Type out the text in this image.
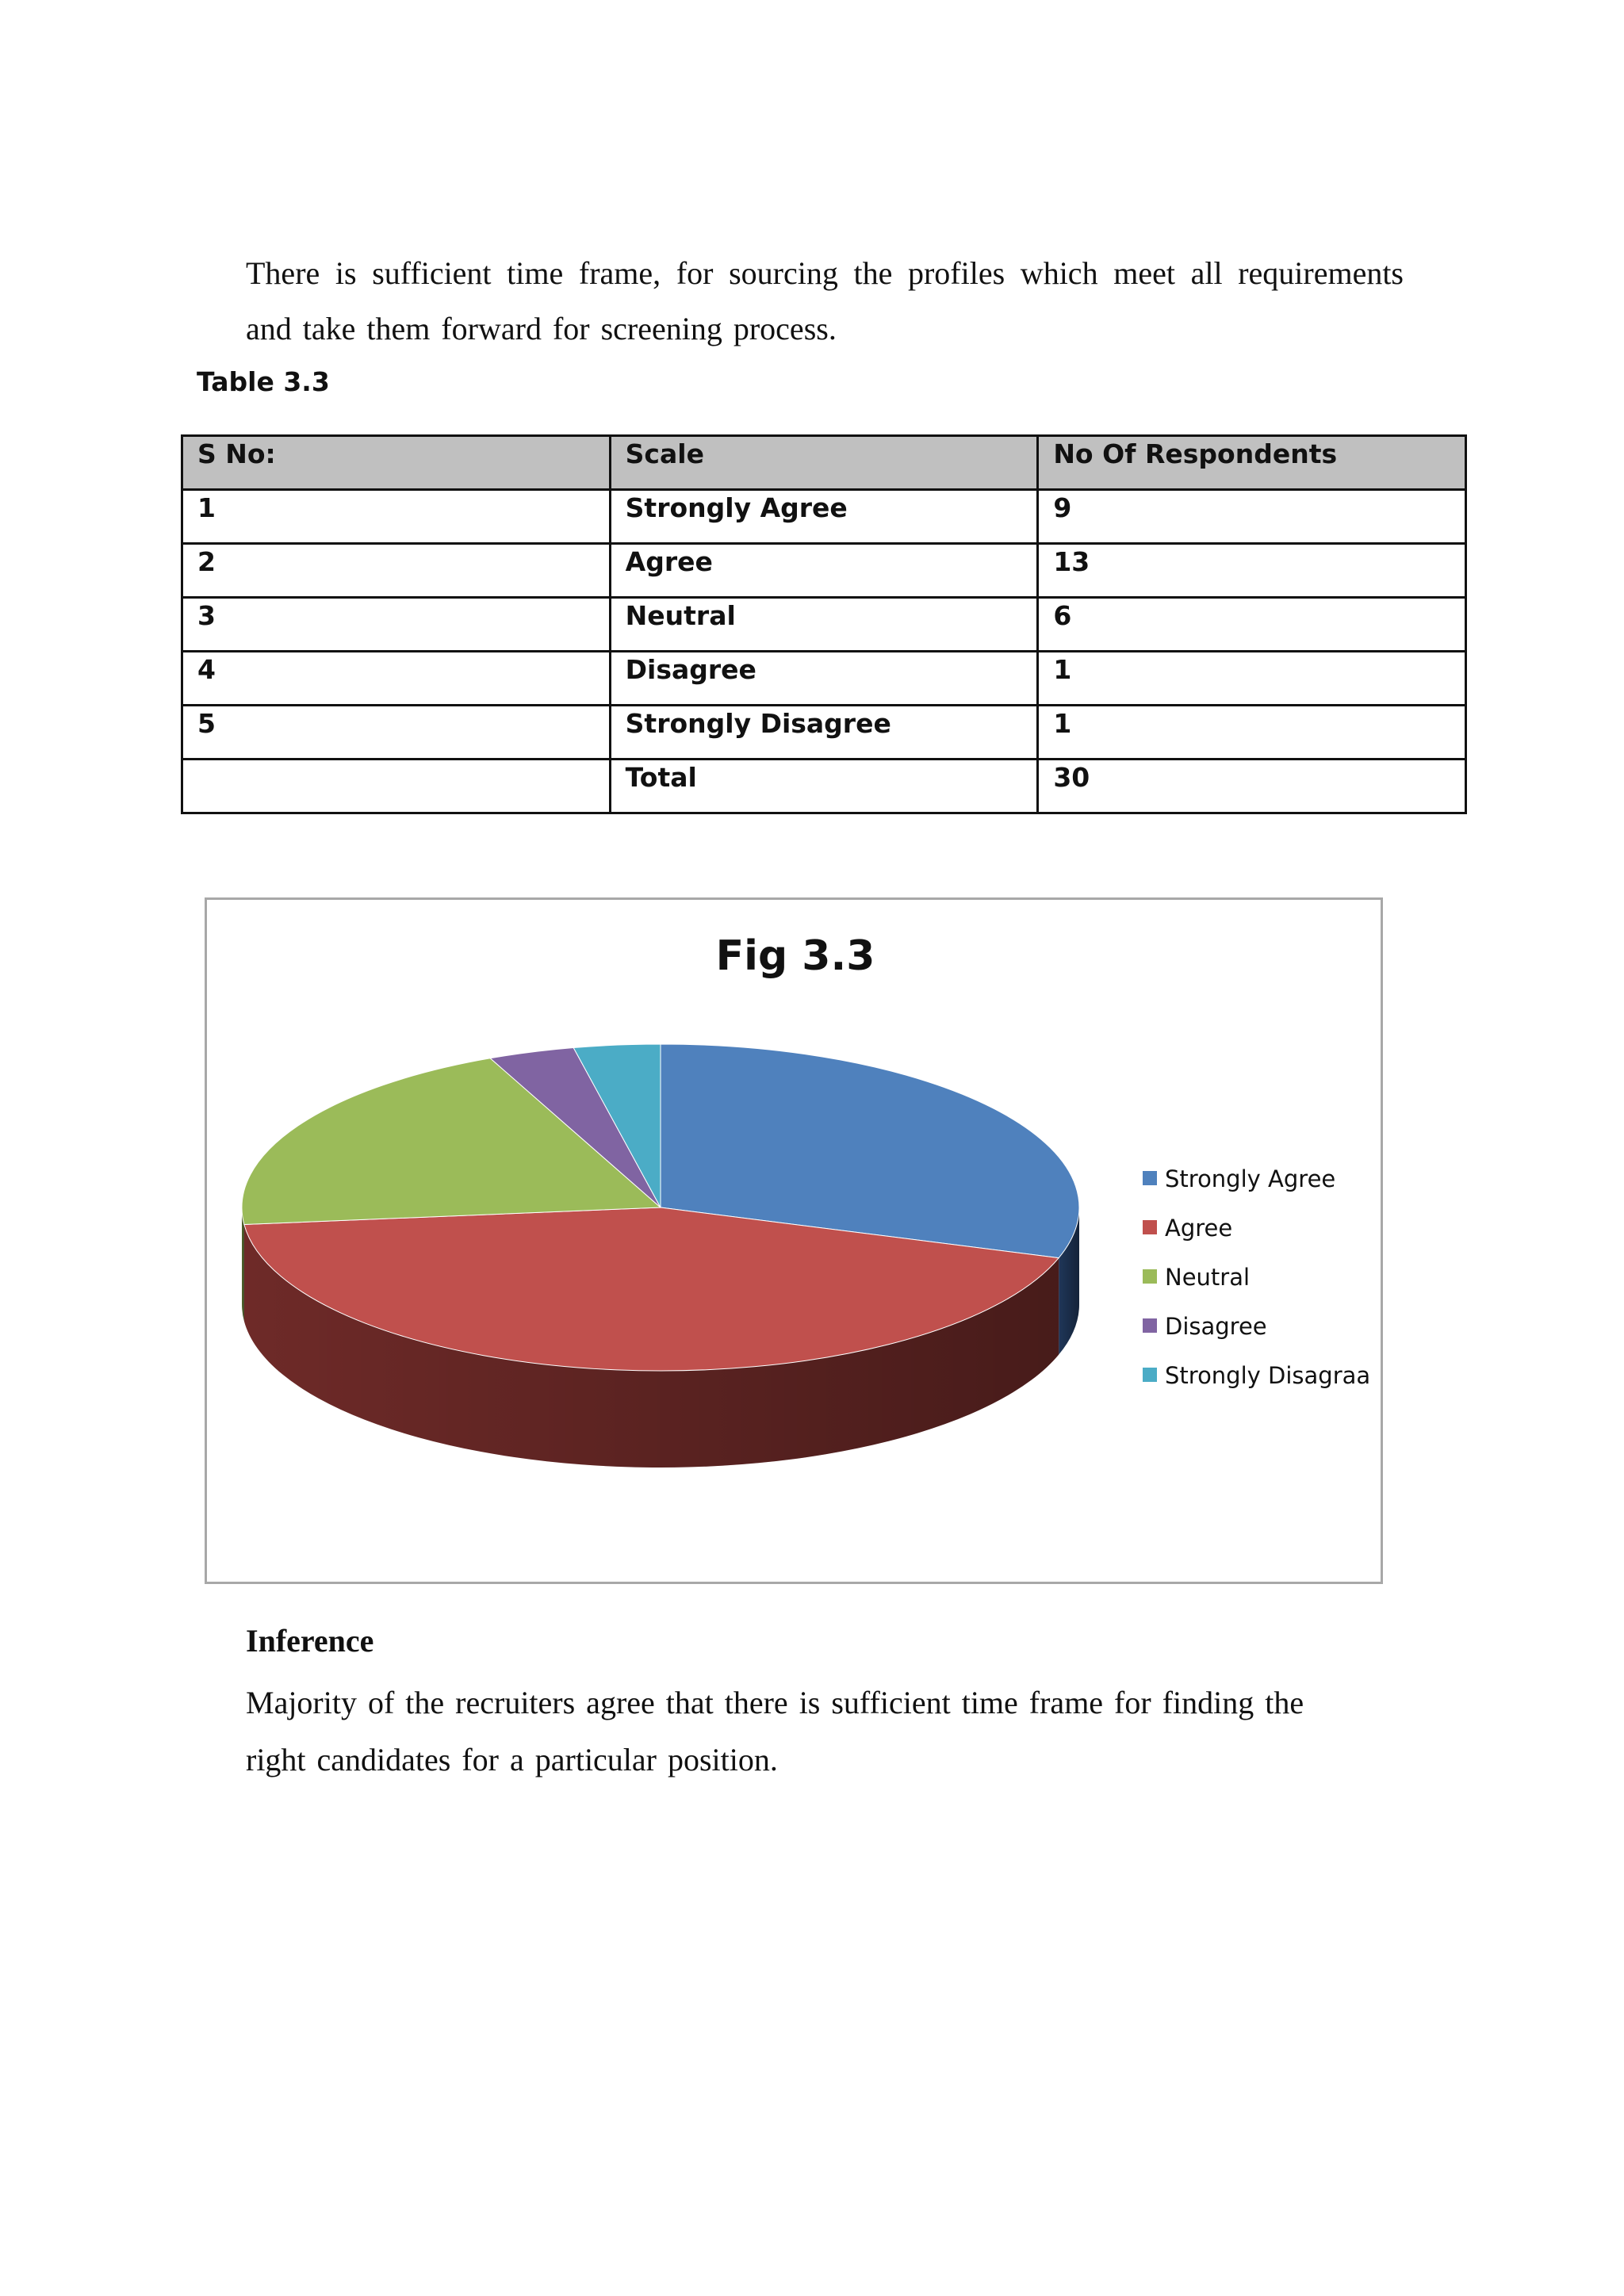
There is sufficient time frame, for sourcing the profiles which meet all requirements and take them forward for screening process.
Table 3.3
S No:	Scale	No Of Respondents
1	Strongly Agree	9
2	Agree	13
3	Neutral	6
4	Disagree	1
5	Strongly Disagree	1
	Total	30
Fig 3.3
Strongly Agree
Agree
Neutral
Disagree
Strongly Disagraa
Inference
Majority of the recruiters agree that there is sufficient time frame for finding the right candidates for a particular position.
